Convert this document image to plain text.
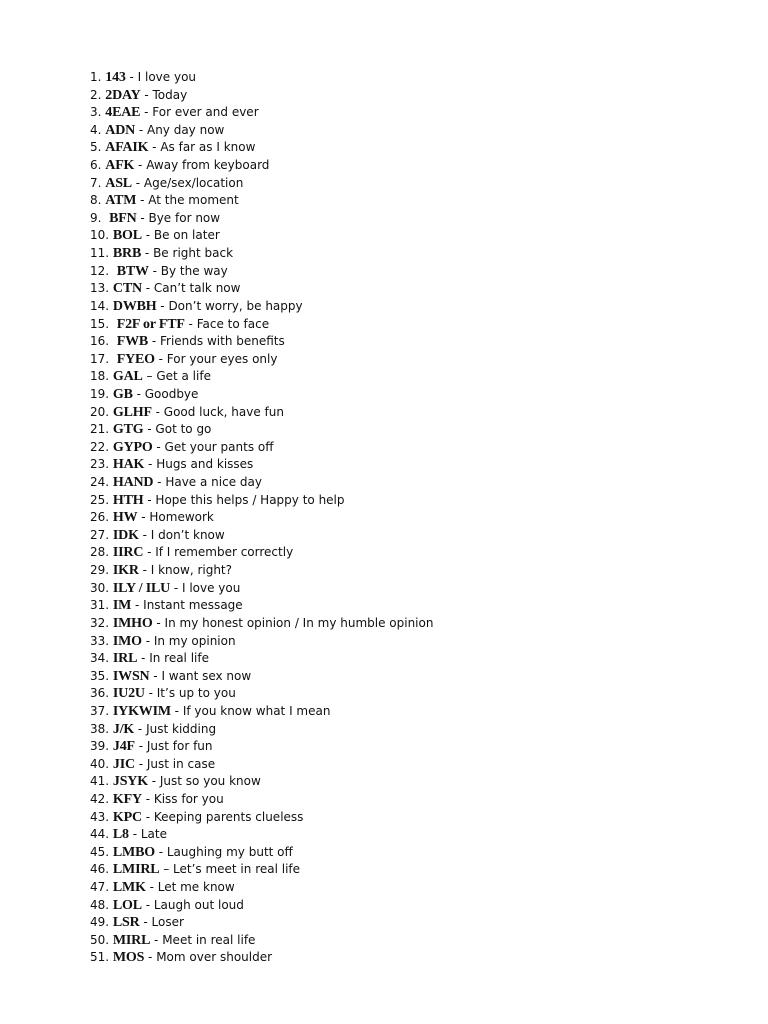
1. 143 - I love you
2. 2DAY - Today
3. 4EAE - For ever and ever
4. ADN - Any day now
5. AFAIK - As far as I know
6. AFK - Away from keyboard
7. ASL - Age/sex/location
8. ATM - At the moment
9. BFN - Bye for now
10. BOL - Be on later
11. BRB - Be right back
12. BTW - By the way
13. CTN - Can’t talk now
14. DWBH - Don’t worry, be happy
15. F2F or FTF - Face to face
16. FWB - Friends with benefits
17. FYEO - For your eyes only
18. GAL – Get a life
19. GB - Goodbye
20. GLHF - Good luck, have fun
21. GTG - Got to go
22. GYPO - Get your pants off
23. HAK - Hugs and kisses
24. HAND - Have a nice day
25. HTH - Hope this helps / Happy to help
26. HW - Homework
27. IDK - I don’t know
28. IIRC - If I remember correctly
29. IKR - I know, right?
30. ILY / ILU - I love you
31. IM - Instant message
32. IMHO - In my honest opinion / In my humble opinion
33. IMO - In my opinion
34. IRL - In real life
35. IWSN - I want sex now
36. IU2U - It’s up to you
37. IYKWIM - If you know what I mean
38. J/K - Just kidding
39. J4F - Just for fun
40. JIC - Just in case
41. JSYK - Just so you know
42. KFY - Kiss for you
43. KPC - Keeping parents clueless
44. L8 - Late
45. LMBO - Laughing my butt off
46. LMIRL – Let’s meet in real life
47. LMK - Let me know
48. LOL - Laugh out loud
49. LSR - Loser
50. MIRL - Meet in real life
51. MOS - Mom over shoulder
